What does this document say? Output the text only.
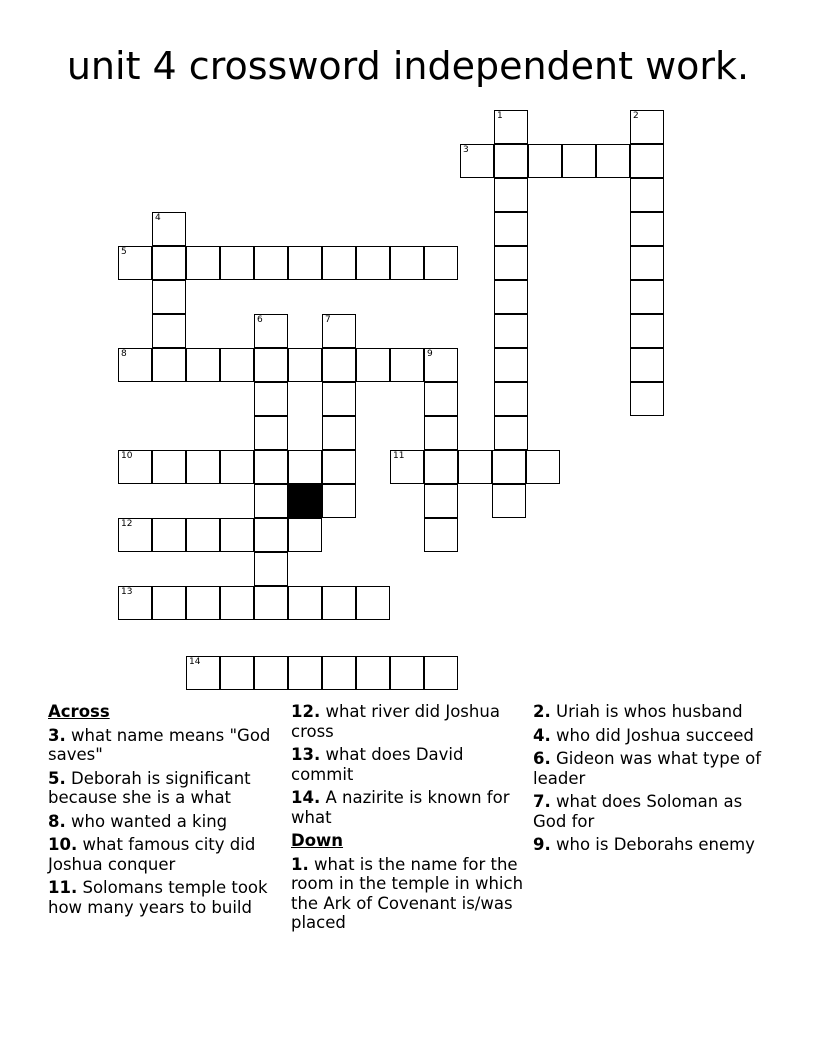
unit 4 crossword independent work.
1	2
3
4
5
6	7
8	9
10	11
12
13
14
Across
3. what name means "God saves"
5. Deborah is significant because she is a what
8. who wanted a king
10. what famous city did Joshua conquer
11. Solomans temple took how many years to build
12. what river did Joshua cross
13. what does David commit
14. A nazirite is known for what
Down
1. what is the name for the room in the temple in which the Ark of Covenant is/was placed
2. Uriah is whos husband
4. who did Joshua succeed
6. Gideon was what type of leader
7. what does Soloman as God for
9. who is Deborahs enemy
